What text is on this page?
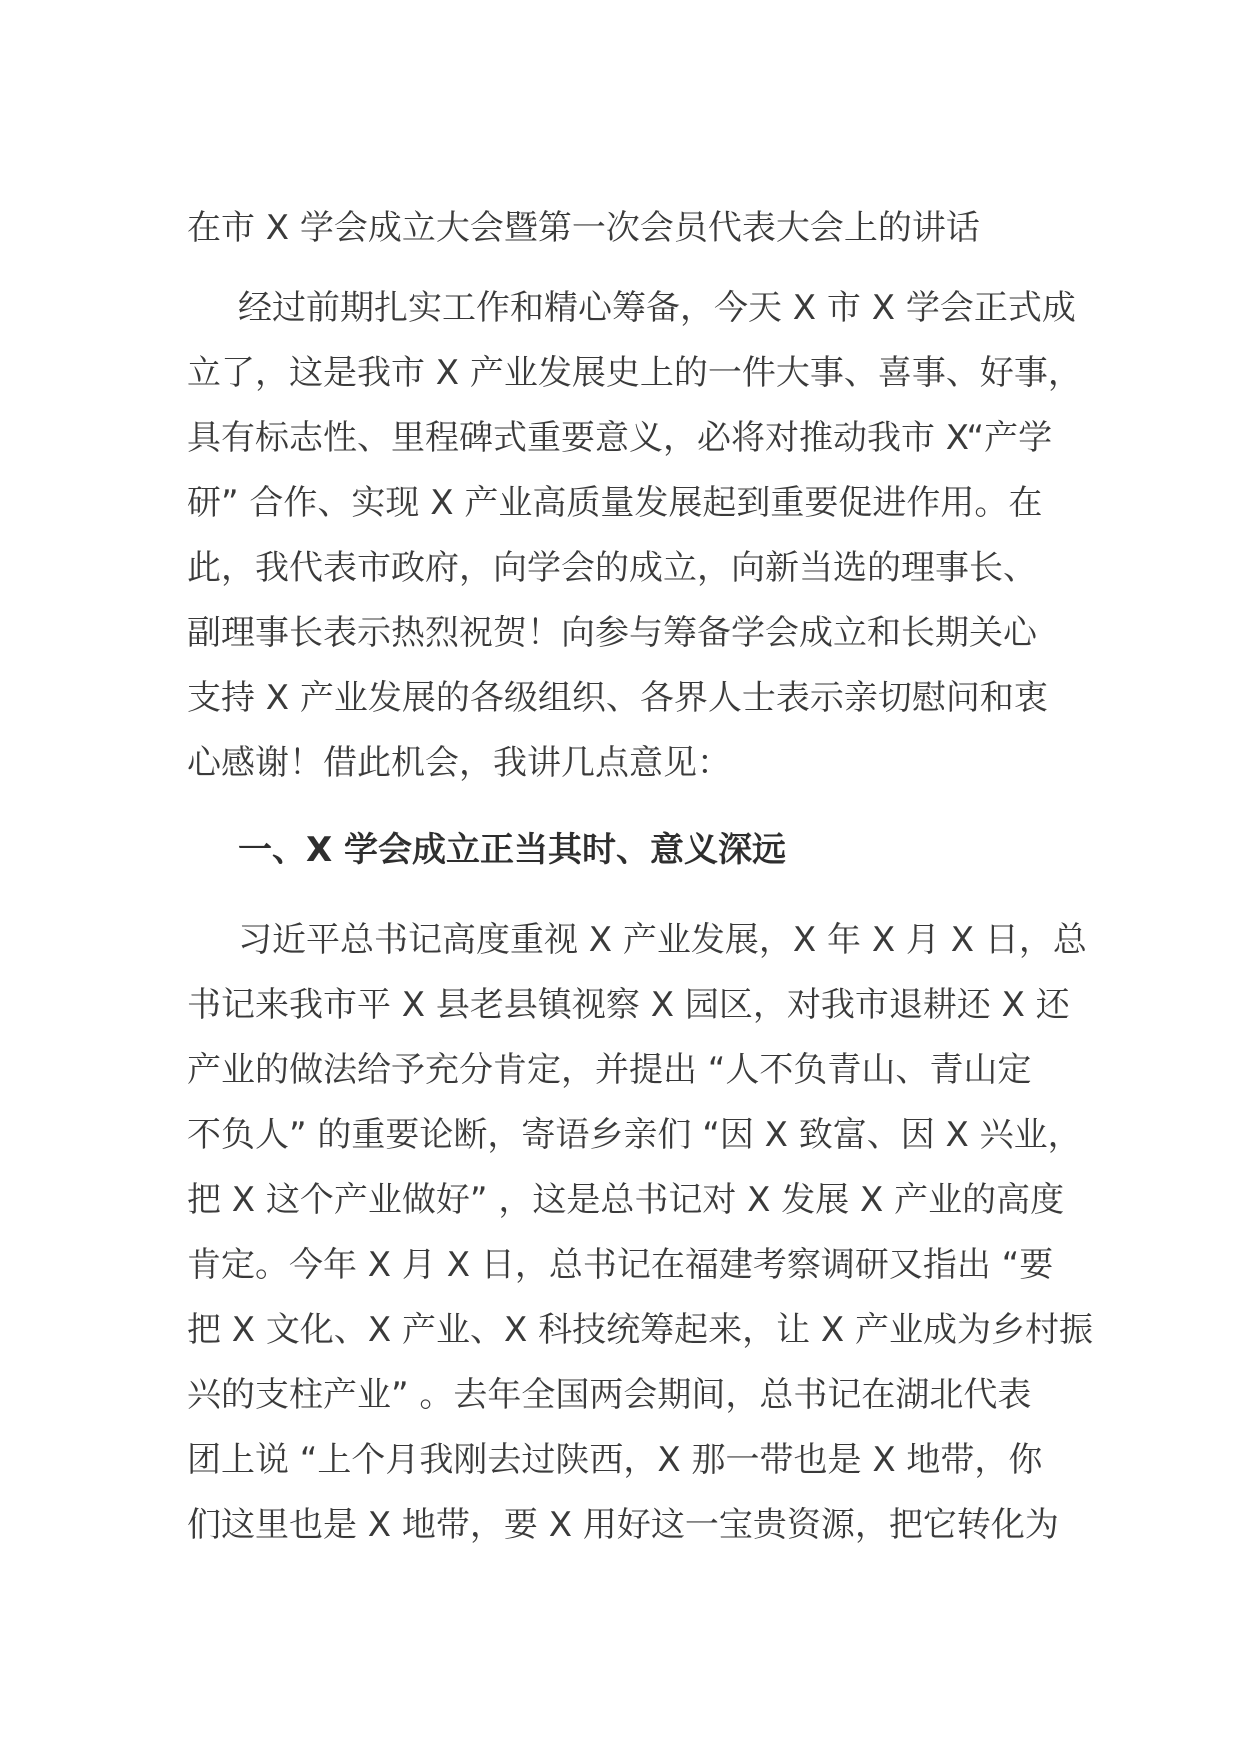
在市 X 学会成立大会暨第一次会员代表大会上的讲话
经过前期扎实工作和精心筹备，今天 X 市 X 学会正式成
立了，这是我市 X 产业发展史上的一件大事、喜事、好事，
具有标志性、里程碑式重要意义，必将对推动我市 X“产学
研” 合作、实现 X 产业高质量发展起到重要促进作用。在
此，我代表市政府，向学会的成立，向新当选的理事长、
副理事长表示热烈祝贺！向参与筹备学会成立和长期关心
支持 X 产业发展的各级组织、各界人士表示亲切慰问和衷
心感谢！借此机会，我讲几点意见：
一、X 学会成立正当其时、意义深远
习近平总书记高度重视 X 产业发展，X 年 X 月 X 日，总
书记来我市平 X 县老县镇视察 X 园区，对我市退耕还 X 还
产业的做法给予充分肯定，并提出 “人不负青山、青山定
不负人” 的重要论断，寄语乡亲们 “因 X 致富、因 X 兴业，
把 X 这个产业做好” ，这是总书记对 X 发展 X 产业的高度
肯定。今年 X 月 X 日，总书记在福建考察调研又指出 “要
把 X 文化、X 产业、X 科技统筹起来，让 X 产业成为乡村振
兴的支柱产业” 。去年全国两会期间，总书记在湖北代表
团上说 “上个月我刚去过陕西，X 那一带也是 X 地带，你
们这里也是 X 地带，要 X 用好这一宝贵资源，把它转化为
